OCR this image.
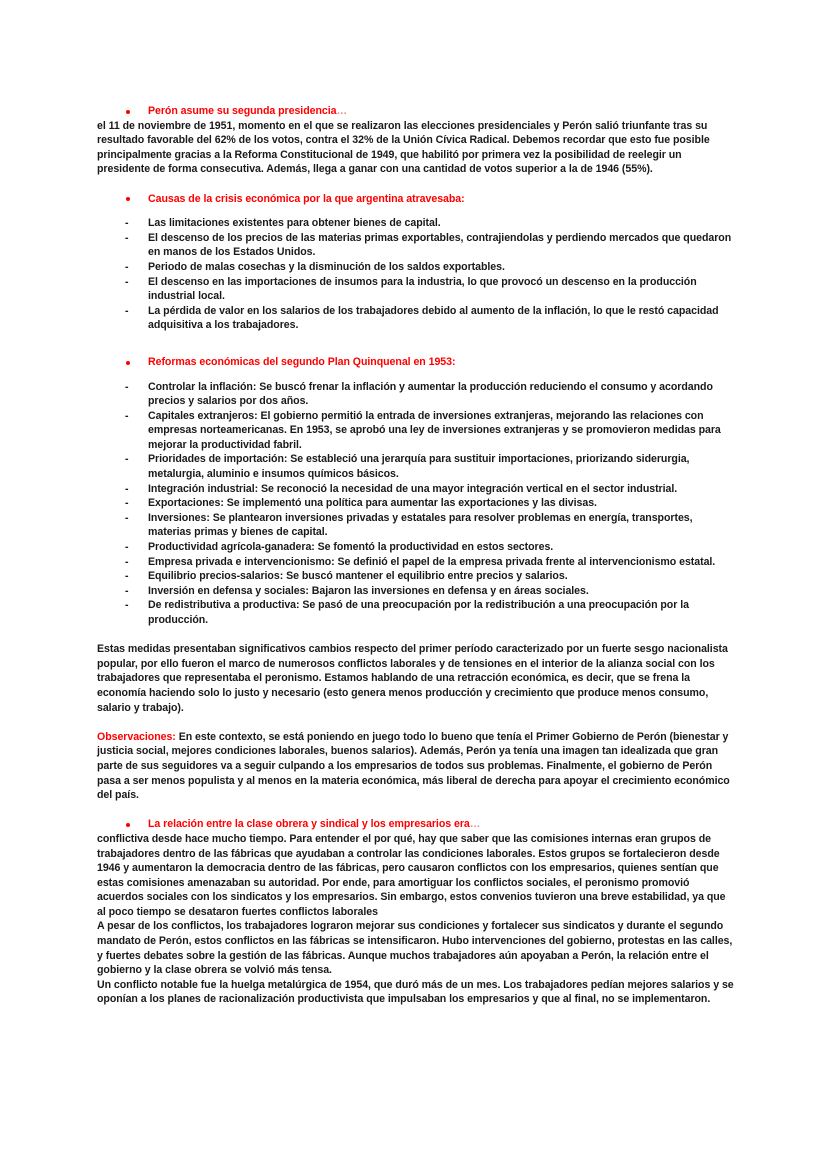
Perón asume su segunda presidencia…

el 11 de noviembre de 1951, momento en el que se realizaron las elecciones presidenciales y Perón salió triunfante tras su resultado favorable del 62% de los votos, contra el 32% de la Unión Cívica Radical. Debemos recordar que esto fue posible principalmente gracias a la Reforma Constitucional de 1949, que habilitó por primera vez la posibilidad de reelegir un presidente de forma consecutiva. Además, llega a ganar con una cantidad de votos superior a la de 1946 (55%).

Causas de la crisis económica por la que argentina atravesaba:
- Las limitaciones existentes para obtener bienes de capital.
- El descenso de los precios de las materias primas exportables, contrajiendolas y perdiendo mercados que quedaron en manos de los Estados Unidos.
- Periodo de malas cosechas y la disminución de los saldos exportables.
- El descenso en las importaciones de insumos para la industria, lo que provocó un descenso en la producción industrial local.
- La pérdida de valor en los salarios de los trabajadores debido al aumento de la inflación, lo que le restó capacidad adquisitiva a los trabajadores.
Reformas económicas del segundo Plan Quinquenal en 1953:
- Controlar la inflación: Se buscó frenar la inflación y aumentar la producción reduciendo el consumo y acordando precios y salarios por dos años.
- Capitales extranjeros: El gobierno permitió la entrada de inversiones extranjeras, mejorando las relaciones con empresas norteamericanas. En 1953, se aprobó una ley de inversiones extranjeras y se promovieron medidas para mejorar la productividad fabril.
- Prioridades de importación: Se estableció una jerarquía para sustituir importaciones, priorizando siderurgia, metalurgia, aluminio e insumos químicos básicos.
- Integración industrial: Se reconoció la necesidad de una mayor integración vertical en el sector industrial.
- Exportaciones: Se implementó una política para aumentar las exportaciones y las divisas.
- Inversiones: Se plantearon inversiones privadas y estatales para resolver problemas en energía, transportes, materias primas y bienes de capital.
- Productividad agrícola-ganadera: Se fomentó la productividad en estos sectores.
- Empresa privada e intervencionismo: Se definió el papel de la empresa privada frente al intervencionismo estatal.
- Equilibrio precios-salarios: Se buscó mantener el equilibrio entre precios y salarios.
- Inversión en defensa y sociales: Bajaron las inversiones en defensa y en áreas sociales.
- De redistributiva a productiva: Se pasó de una preocupación por la redistribución a una preocupación por la producción.

Estas medidas presentaban significativos cambios respecto del primer período caracterizado por un fuerte sesgo nacionalista popular, por ello fueron el marco de numerosos conflictos laborales y de tensiones en el interior de la alianza social con los trabajadores que representaba el peronismo. Estamos hablando de una retracción económica, es decir, que se frena la economía haciendo solo lo justo y necesario (esto genera menos producción y crecimiento que produce menos consumo, salario y trabajo).

Observaciones: En este contexto, se está poniendo en juego todo lo bueno que tenía el Primer Gobierno de Perón (bienestar y justicia social, mejores condiciones laborales, buenos salarios). Además, Perón ya tenía una imagen tan idealizada que gran parte de sus seguidores va a seguir culpando a los empresarios de todos sus problemas. Finalmente, el gobierno de Perón pasa a ser menos populista y al menos en la materia económica, más liberal de derecha para apoyar el crecimiento económico del país.

La relación entre la clase obrera y sindical y los empresarios era…

conflictiva desde hace mucho tiempo. Para entender el por qué, hay que saber que las comisiones internas eran grupos de trabajadores dentro de las fábricas que ayudaban a controlar las condiciones laborales. Estos grupos se fortalecieron desde 1946 y aumentaron la democracia dentro de las fábricas, pero causaron conflictos con los empresarios, quienes sentían que estas comisiones amenazaban su autoridad. Por ende, para amortiguar los conflictos sociales, el peronismo promovió acuerdos sociales con los sindicatos y los empresarios. Sin embargo, estos convenios tuvieron una breve estabilidad, ya que al poco tiempo se desataron fuertes conflictos laborales

A pesar de los conflictos, los trabajadores lograron mejorar sus condiciones y fortalecer sus sindicatos y durante el segundo mandato de Perón, estos conflictos en las fábricas se intensificaron. Hubo intervenciones del gobierno, protestas en las calles, y fuertes debates sobre la gestión de las fábricas. Aunque muchos trabajadores aún apoyaban a Perón, la relación entre el gobierno y la clase obrera se volvió más tensa.

Un conflicto notable fue la huelga metalúrgica de 1954, que duró más de un mes. Los trabajadores pedían mejores salarios y se oponían a los planes de racionalización productivista que impulsaban los empresarios y que al final, no se implementaron.
